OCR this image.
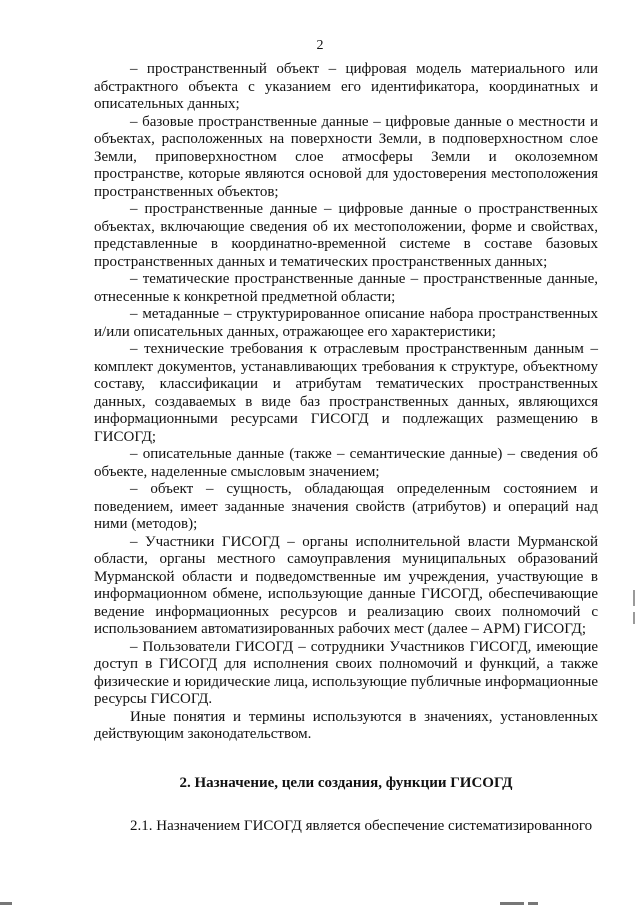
2

– пространственный объект – цифровая модель материального или абстрактного объекта с указанием его идентификатора, координатных и описательных данных;

– базовые пространственные данные – цифровые данные о местности и объектах, расположенных на поверхности Земли, в подповерхностном слое Земли, приповерхностном слое атмосферы Земли и околоземном пространстве, которые являются основой для удостоверения местоположения пространственных объектов;

– пространственные данные – цифровые данные о пространственных объектах, включающие сведения об их местоположении, форме и свойствах, представленные в координатно-временной системе в составе базовых пространственных данных и тематических пространственных данных;

– тематические пространственные данные – пространственные данные, отнесенные к конкретной предметной области;

– метаданные – структурированное описание набора пространственных и/или описательных данных, отражающее его характеристики;

– технические требования к отраслевым пространственным данным – комплект документов, устанавливающих требования к структуре, объектному составу, классификации и атрибутам тематических пространственных данных, создаваемых в виде баз пространственных данных, являющихся информационными ресурсами ГИСОГД и подлежащих размещению в ГИСОГД;

– описательные данные (также – семантические данные) – сведения об объекте, наделенные смысловым значением;

– объект – сущность, обладающая определенным состоянием и поведением, имеет заданные значения свойств (атрибутов) и операций над ними (методов);

– Участники ГИСОГД – органы исполнительной власти Мурманской области, органы местного самоуправления муниципальных образований Мурманской области и подведомственные им учреждения, участвующие в информационном обмене, использующие данные ГИСОГД, обеспечивающие ведение информационных ресурсов и реализацию своих полномочий с использованием автоматизированных рабочих мест (далее – АРМ) ГИСОГД;

– Пользователи ГИСОГД – сотрудники Участников ГИСОГД, имеющие доступ в ГИСОГД для исполнения своих полномочий и функций, а также физические и юридические лица, использующие публичные информационные ресурсы ГИСОГД.

Иные понятия и термины используются в значениях, установленных действующим законодательством.

2. Назначение, цели создания, функции ГИСОГД

2.1. Назначением ГИСОГД является обеспечение систематизированного
